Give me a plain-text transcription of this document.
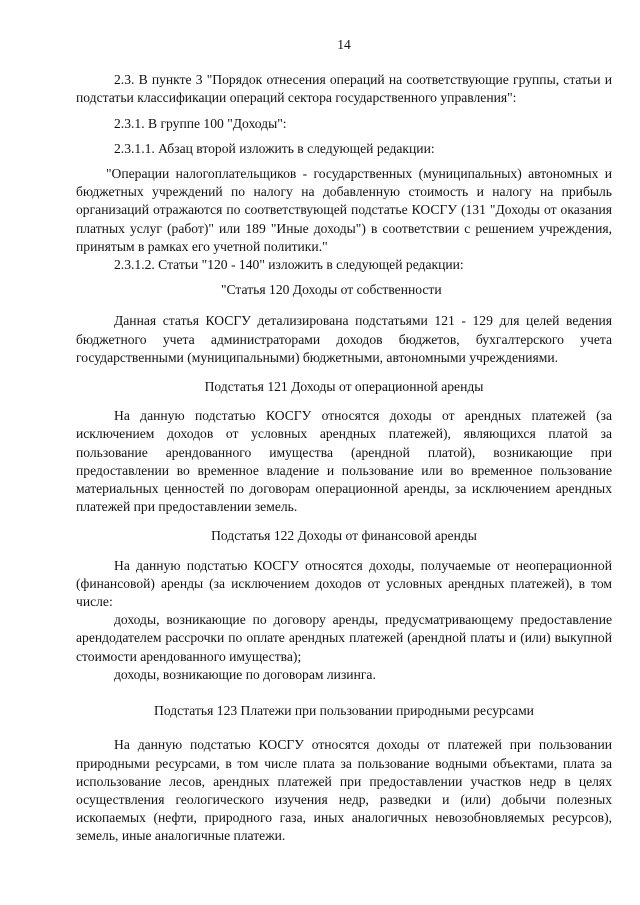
14

2.3. В пункте 3 "Порядок отнесения операций на соответствующие группы, статьи и подстатьи классификации операций сектора государственного управления":

2.3.1. В группе 100 "Доходы":

2.3.1.1. Абзац второй изложить в следующей редакции:

"Операции налогоплательщиков - государственных (муниципальных) автономных и бюджетных учреждений по налогу на добавленную стоимость и налогу на прибыль организаций отражаются по соответствующей подстатье КОСГУ (131 "Доходы от оказания платных услуг (работ)" или 189 "Иные доходы") в соответствии с решением учреждения, принятым в рамках его учетной политики."

2.3.1.2. Статьи "120 - 140" изложить в следующей редакции:

"Статья 120 Доходы от собственности

Данная статья КОСГУ детализирована подстатьями 121 - 129 для целей ведения бюджетного учета администраторами доходов бюджетов, бухгалтерского учета государственными (муниципальными) бюджетными, автономными учреждениями.

Подстатья 121 Доходы от операционной аренды

На данную подстатью КОСГУ относятся доходы от арендных платежей (за исключением доходов от условных арендных платежей), являющихся платой за пользование арендованного имущества (арендной платой), возникающие при предоставлении во временное владение и пользование или во временное пользование материальных ценностей по договорам операционной аренды, за исключением арендных платежей при предоставлении земель.

Подстатья 122 Доходы от финансовой аренды

На данную подстатью КОСГУ относятся доходы, получаемые от неоперационной (финансовой) аренды (за исключением доходов от условных арендных платежей), в том числе:

доходы, возникающие по договору аренды, предусматривающему предоставление арендодателем рассрочки по оплате арендных платежей (арендной платы и (или) выкупной стоимости арендованного имущества);

доходы, возникающие по договорам лизинга.

Подстатья 123 Платежи при пользовании природными ресурсами

На данную подстатью КОСГУ относятся доходы от платежей при пользовании природными ресурсами, в том числе плата за пользование водными объектами, плата за использование лесов, арендных платежей при предоставлении участков недр в целях осуществления геологического изучения недр, разведки и (или) добычи полезных ископаемых (нефти, природного газа, иных аналогичных невозобновляемых ресурсов), земель, иные аналогичные платежи.
